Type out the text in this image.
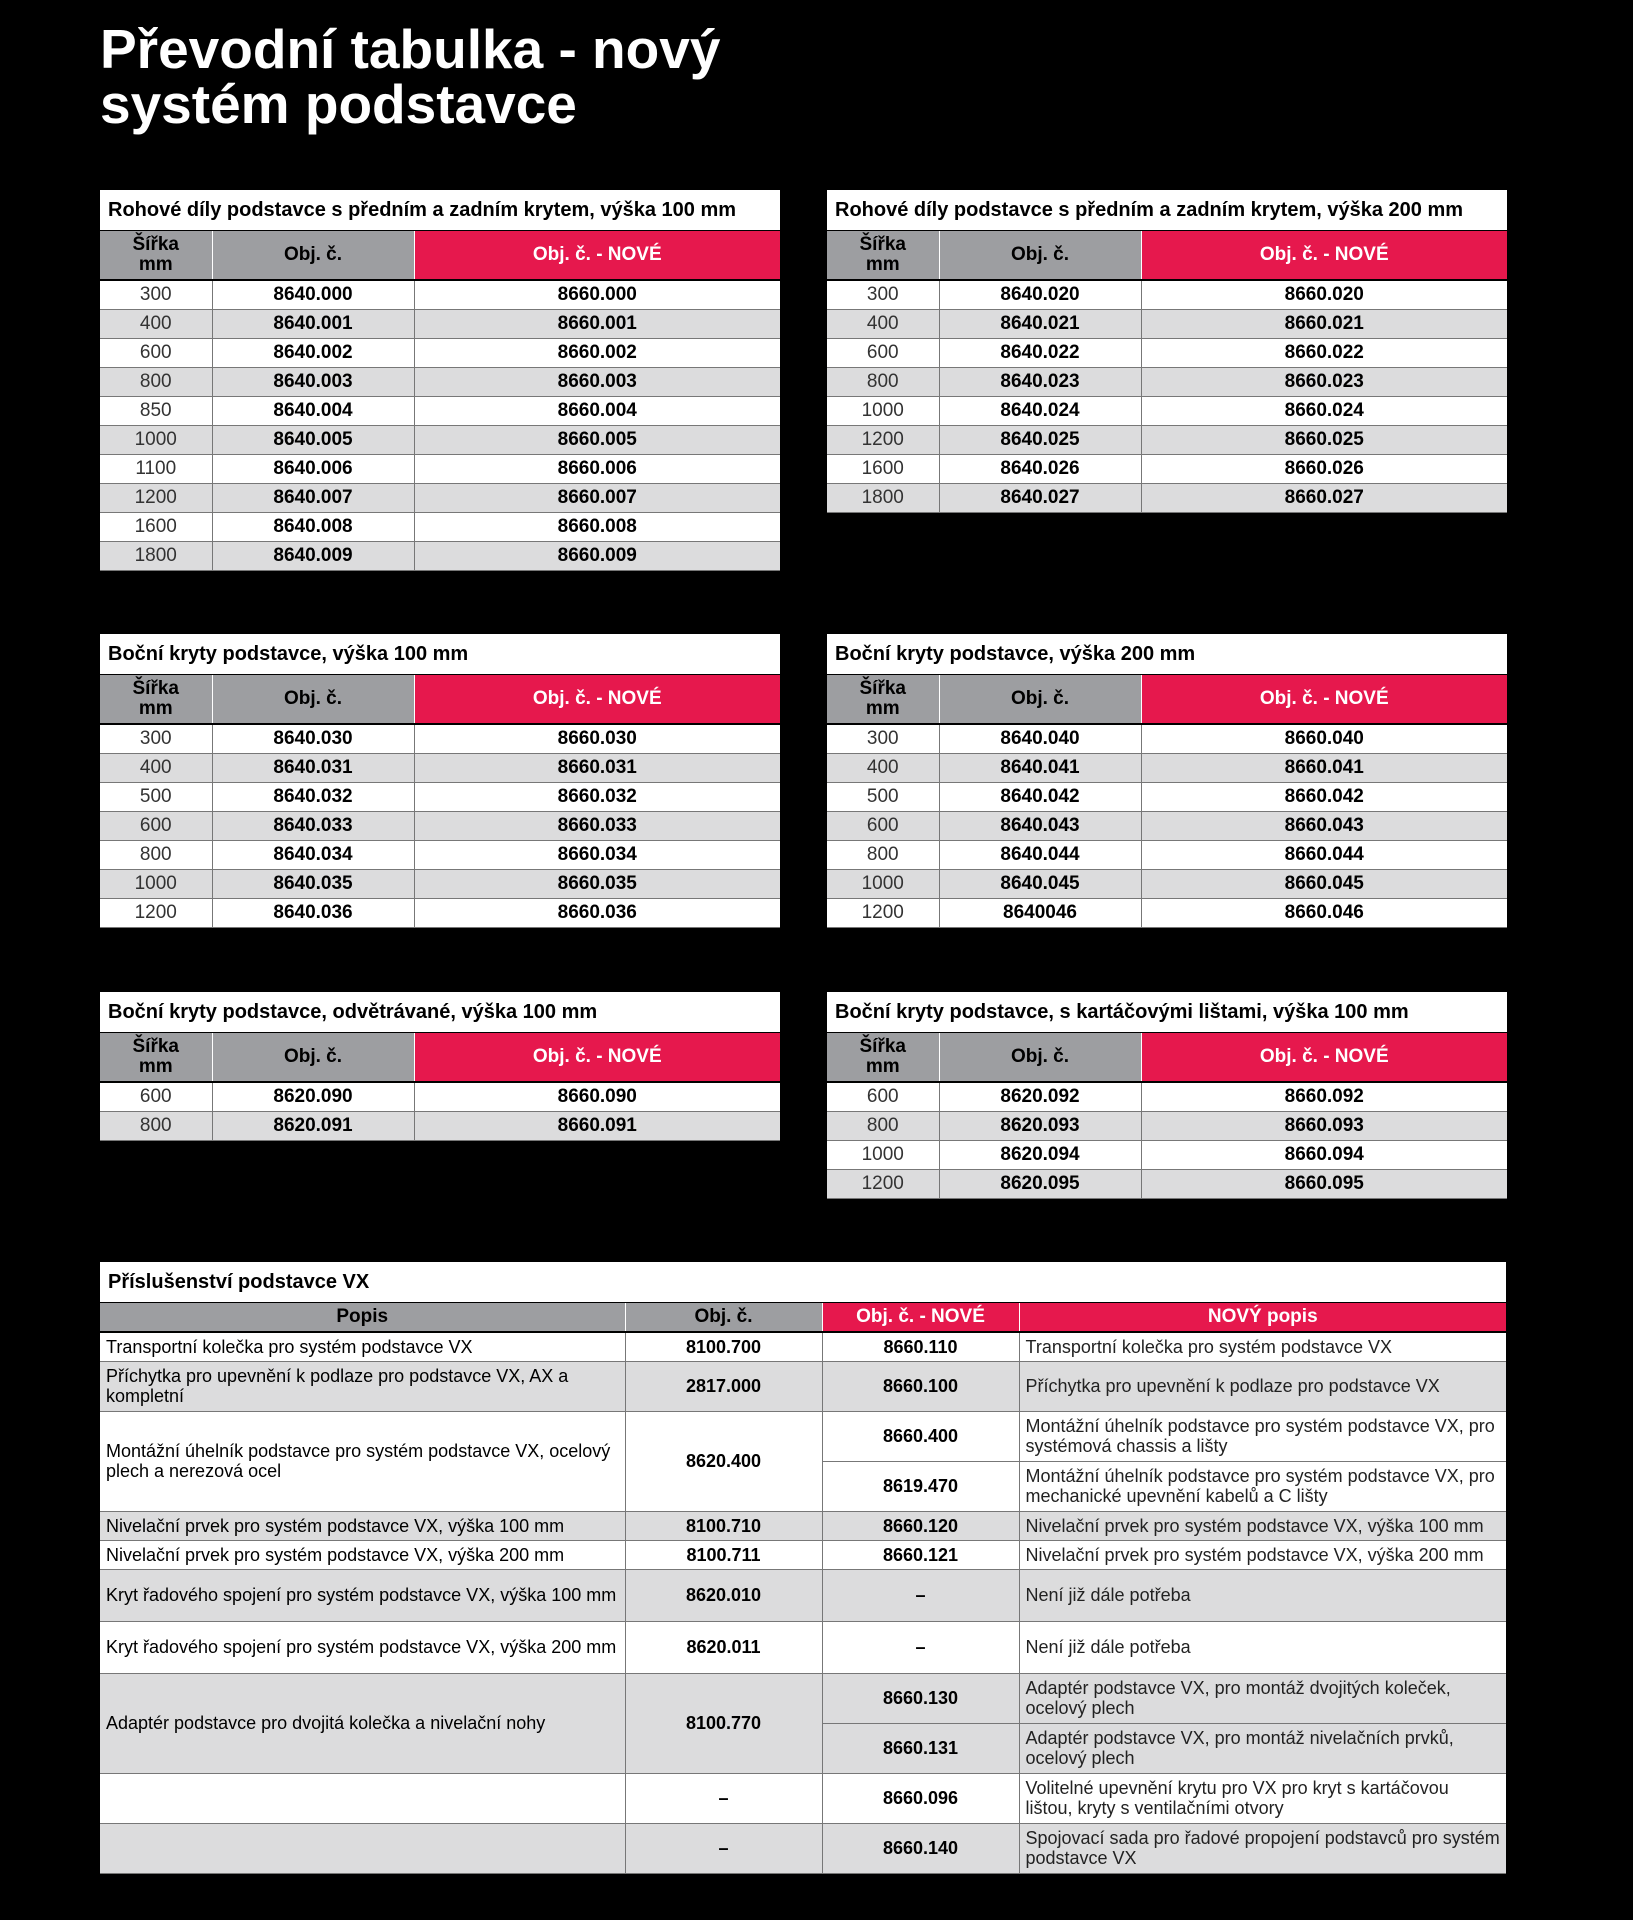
Převodní tabulka - nový
systém podstavce
Rohové díly podstavce s předním a zadním krytem, výška 100 mm
Šířka
mm	Obj. č.	Obj. č. - NOVÉ
300	8640.000	8660.000
400	8640.001	8660.001
600	8640.002	8660.002
800	8640.003	8660.003
850	8640.004	8660.004
1000	8640.005	8660.005
1100	8640.006	8660.006
1200	8640.007	8660.007
1600	8640.008	8660.008
1800	8640.009	8660.009
Rohové díly podstavce s předním a zadním krytem, výška 200 mm
Šířka
mm	Obj. č.	Obj. č. - NOVÉ
300	8640.020	8660.020
400	8640.021	8660.021
600	8640.022	8660.022
800	8640.023	8660.023
1000	8640.024	8660.024
1200	8640.025	8660.025
1600	8640.026	8660.026
1800	8640.027	8660.027
Boční kryty podstavce, výška 100 mm
Šířka
mm	Obj. č.	Obj. č. - NOVÉ
300	8640.030	8660.030
400	8640.031	8660.031
500	8640.032	8660.032
600	8640.033	8660.033
800	8640.034	8660.034
1000	8640.035	8660.035
1200	8640.036	8660.036
Boční kryty podstavce, výška 200 mm
Šířka
mm	Obj. č.	Obj. č. - NOVÉ
300	8640.040	8660.040
400	8640.041	8660.041
500	8640.042	8660.042
600	8640.043	8660.043
800	8640.044	8660.044
1000	8640.045	8660.045
1200	8640046	8660.046
Boční kryty podstavce, odvětrávané, výška 100 mm
Šířka
mm	Obj. č.	Obj. č. - NOVÉ
600	8620.090	8660.090
800	8620.091	8660.091
Boční kryty podstavce, s kartáčovými lištami, výška 100 mm
Šířka
mm	Obj. č.	Obj. č. - NOVÉ
600	8620.092	8660.092
800	8620.093	8660.093
1000	8620.094	8660.094
1200	8620.095	8660.095
Příslušenství podstavce VX
Popis	Obj. č.	Obj. č. - NOVÉ	NOVÝ popis
Transportní kolečka pro systém podstavce VX	8100.700	8660.110	Transportní kolečka pro systém podstavce VX
Příchytka pro upevnění k podlaze pro podstavce VX, AX a kompletní	2817.000	8660.100	Příchytka pro upevnění k podlaze pro podstavce VX
Montážní úhelník podstavce pro systém podstavce VX, ocelový plech a nerezová ocel	8620.400	8660.400	Montážní úhelník podstavce pro systém podstavce VX, pro systémová chassis a lišty
		8619.470	Montážní úhelník podstavce pro systém podstavce VX, pro mechanické upevnění kabelů a C lišty
Nivelační prvek pro systém podstavce VX, výška 100 mm	8100.710	8660.120	Nivelační prvek pro systém podstavce VX, výška 100 mm
Nivelační prvek pro systém podstavce VX, výška 200 mm	8100.711	8660.121	Nivelační prvek pro systém podstavce VX, výška 200 mm
Kryt řadového spojení pro systém podstavce VX, výška 100 mm	8620.010	–	Není již dále potřeba
Kryt řadového spojení pro systém podstavce VX, výška 200 mm	8620.011	–	Není již dále potřeba
Adaptér podstavce pro dvojitá kolečka a nivelační nohy	8100.770	8660.130	Adaptér podstavce VX, pro montáž dvojitých koleček, ocelový plech
		8660.131	Adaptér podstavce VX, pro montáž nivelačních prvků, ocelový plech
	–	8660.096	Volitelné upevnění krytu pro VX pro kryt s kartáčovou lištou, kryty s ventilačními otvory
	–	8660.140	Spojovací sada pro řadové propojení podstavců pro systém podstavce VX
